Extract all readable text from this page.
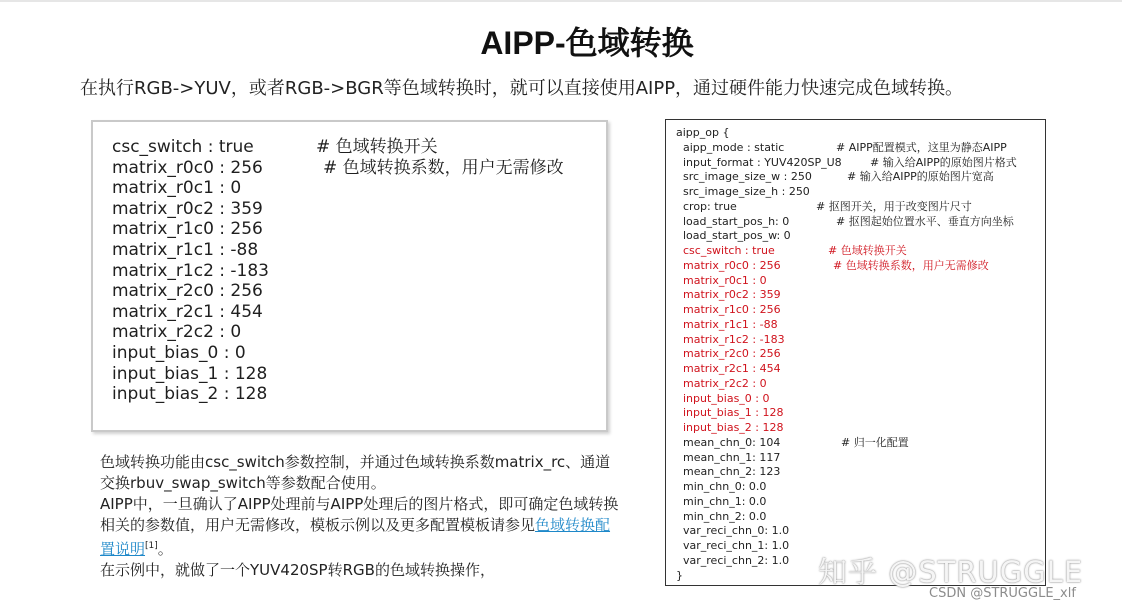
AIPP-色域转换
在执行RGB->YUV，或者RGB->BGR等色域转换时，就可以直接使用AIPP，通过硬件能力快速完成色域转换。
csc_switch : true	# 色域转换开关
matrix_r0c0 : 256	# 色域转换系数，用户无需修改
matrix_r0c1 : 0
matrix_r0c2 : 359
matrix_r1c0 : 256
matrix_r1c1 : -88
matrix_r1c2 : -183
matrix_r2c0 : 256
matrix_r2c1 : 454
matrix_r2c2 : 0
input_bias_0 : 0
input_bias_1 : 128
input_bias_2 : 128

色域转换功能由csc_switch参数控制，并通过色域转换系数matrix_rc、通道交换rbuv_swap_switch等参数配合使用。

AIPP中，一旦确认了AIPP处理前与AIPP处理后的图片格式，即可确定色域转换相关的参数值，用户无需修改，模板示例以及更多配置模板请参见色域转换配置说明[1]。

在示例中，就做了一个YUV420SP转RGB的色域转换操作，

aipp_op {
aipp_mode : static	# AIPP配置模式，这里为静态AIPP
input_format : YUV420SP_U8	# 输入给AIPP的原始图片格式
src_image_size_w : 250	# 输入给AIPP的原始图片宽高
src_image_size_h : 250
crop: true	# 抠图开关，用于改变图片尺寸
load_start_pos_h: 0	# 抠图起始位置水平、垂直方向坐标
load_start_pos_w: 0
csc_switch : true	# 色域转换开关
matrix_r0c0 : 256	# 色域转换系数，用户无需修改
matrix_r0c1 : 0
matrix_r0c2 : 359
matrix_r1c0 : 256
matrix_r1c1 : -88
matrix_r1c2 : -183
matrix_r2c0 : 256
matrix_r2c1 : 454
matrix_r2c2 : 0
input_bias_0 : 0
input_bias_1 : 128
input_bias_2 : 128
mean_chn_0: 104	# 归一化配置
mean_chn_1: 117
mean_chn_2: 123
min_chn_0: 0.0
min_chn_1: 0.0
min_chn_2: 0.0
var_reci_chn_0: 1.0
var_reci_chn_1: 1.0
var_reci_chn_2: 1.0
}	知乎 @STRUGGLE
CSDN @STRUGGLE_xlf
